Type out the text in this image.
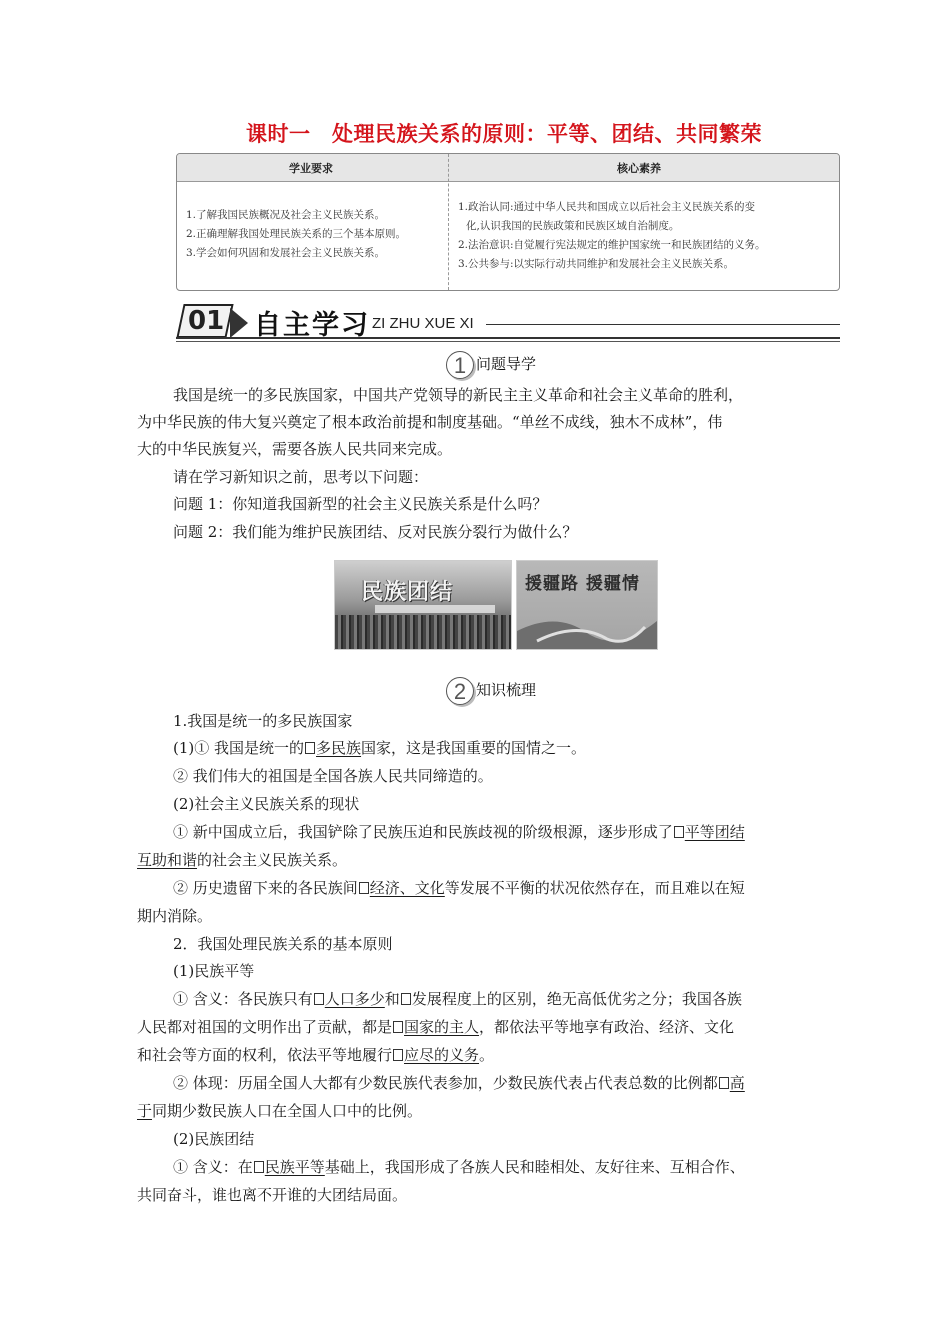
课时一　处理民族关系的原则：平等、团结、共同繁荣
学业要求	核心素养
1.了解我国民族概况及社会主义民族关系。
2.正确理解我国处理民族关系的三个基本原则。
3.学会如何巩固和发展社会主义民族关系。
1.政治认同:通过中华人民共和国成立以后社会主义民族关系的变
化,认识我国的民族政策和民族区域自治制度。
2.法治意识:自觉履行宪法规定的维护国家统一和民族团结的义务。
3.公共参与:以实际行动共同维护和发展社会主义民族关系。
01 自主学习 ZI ZHU XUE XI
1 问题导学
我国是统一的多民族国家，中国共产党领导的新民主主义革命和社会主义革命的胜利，
为中华民族的伟大复兴奠定了根本政治前提和制度基础。“单丝不成线，独木不成林”，伟
大的中华民族复兴，需要各族人民共同来完成。
请在学习新知识之前，思考以下问题：
问题 1：你知道我国新型的社会主义民族关系是什么吗？
问题 2：我们能为维护民族团结、反对民族分裂行为做什么？
民族团结	援疆路 援疆情
2 知识梳理
1.我国是统一的多民族国家
(1)① 我国是统一的 多民族国家，这是我国重要的国情之一。
② 我们伟大的祖国是全国各族人民共同缔造的。
(2)社会主义民族关系的现状
① 新中国成立后，我国铲除了民族压迫和民族歧视的阶级根源，逐步形成了 平等团结
互助和谐的社会主义民族关系。
② 历史遗留下来的各民族间 经济、文化等发展不平衡的状况依然存在，而且难以在短
期内消除。
2．我国处理民族关系的基本原则
(1)民族平等
① 含义：各民族只有 人口多少和 发展程度上的区别，绝无高低优劣之分；我国各族
人民都对祖国的文明作出了贡献，都是 国家的主人，都依法平等地享有政治、经济、文化
和社会等方面的权利，依法平等地履行 应尽的义务。
② 体现：历届全国人大都有少数民族代表参加，少数民族代表占代表总数的比例都 高
于同期少数民族人口在全国人口中的比例。
(2)民族团结
① 含义：在 民族平等基础上，我国形成了各族人民和睦相处、友好往来、互相合作、
共同奋斗，谁也离不开谁的大团结局面。
